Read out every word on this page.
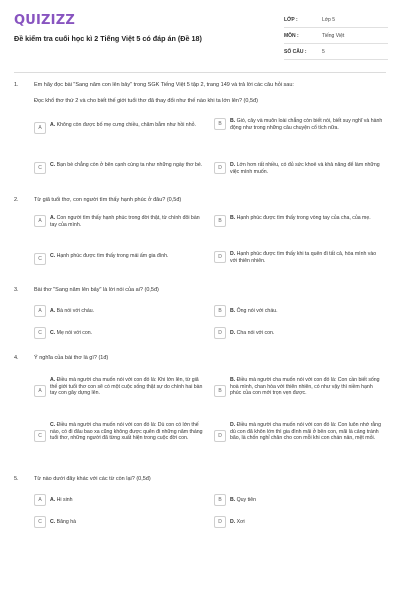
QUIZIZZ
Đề kiểm tra cuối học kì 2 Tiếng Việt 5 có đáp án (Đề 18)
LỚP :	Lớp 5
MÔN :	Tiếng Việt
SỐ CÂU :	5
1.	Em hãy đọc bài "Sang năm con lên bảy" trong SGK Tiếng Việt 5 tập 2, trang 149 và trả lời các câu hỏi sau:
Đọc khổ thơ thứ 2 và cho biết thế giới tuổi thơ đã thay đổi như thế nào khi ta lớn lên? (0,5đ)
A	A. Không còn được bố mẹ cưng chiều, chăm bẵm như hồi nhỏ.	B	B. Gió, cây và muôn loài chẳng còn biết nói, biết suy nghĩ và hành động như trong những câu chuyện cổ tích nữa.
C	C. Bạn bè chẳng còn ở bên cạnh cùng ta như những ngày thơ bé.	D	D. Lớn hơn rất nhiều, có đủ sức khoẻ và khả năng để làm những việc mình muốn.
2.	Từ giã tuổi thơ, con người tìm thấy hạnh phúc ở đâu? (0,5đ)
A	A. Con người tìm thấy hạnh phúc trong đời thật, từ chính đôi bàn tay của mình.
B	B. Hạnh phúc được tìm thấy trong vòng tay của cha, của mẹ.
C	C. Hạnh phúc được tìm thấy trong mái ấm gia đình.	D	D. Hạnh phúc được tìm thấy khi ta quên đi tất cả, hòa mình vào với thiên nhiên.
3.	Bài thơ "Sang năm lên bảy" là lời nói của ai? (0,5đ)
A	A. Bà nói với cháu.	B	B. Ông nói với cháu.
C	C. Mẹ nói với con.	D	D. Cha nói với con.
4.	Ý nghĩa của bài thơ là gì? (1đ)
A
A. Điều mà người cha muốn nói với con đó là: Khi lớn lên, từ giã thế giới tuổi thơ con sẽ có một cuộc sống thật sự do chính hai bàn tay con gây dựng lên.	B
B. Điều mà người cha muốn nói với con đó là: Con cần biết sống hoà mình, chan hòa với thiên nhiên, có như vậy thì niềm hạnh phúc của con mới trọn vẹn được.
C
C. Điều mà người cha muốn nói với con đó là: Dù con có lớn thế nào, có đi đâu bao xa cũng không được quên đi những năm tháng tuổi thơ, những người đã từng xuất hiện trong cuộc đời con.	D
D. Điều mà người cha muốn nói với con đó là: Con luôn nhớ rằng dù con đã khôn lớn thì gia đình mãi ở bên con, mãi là cảng tránh bão, là chốn nghỉ chân cho con mỗi khi con chán nản, mệt mỏi.
5.	Từ nào dưới đây khác với các từ còn lại? (0,5đ)
A	A. Hi sinh	B	B. Quy tiên
C	C. Băng hà	D	D. Xơi
